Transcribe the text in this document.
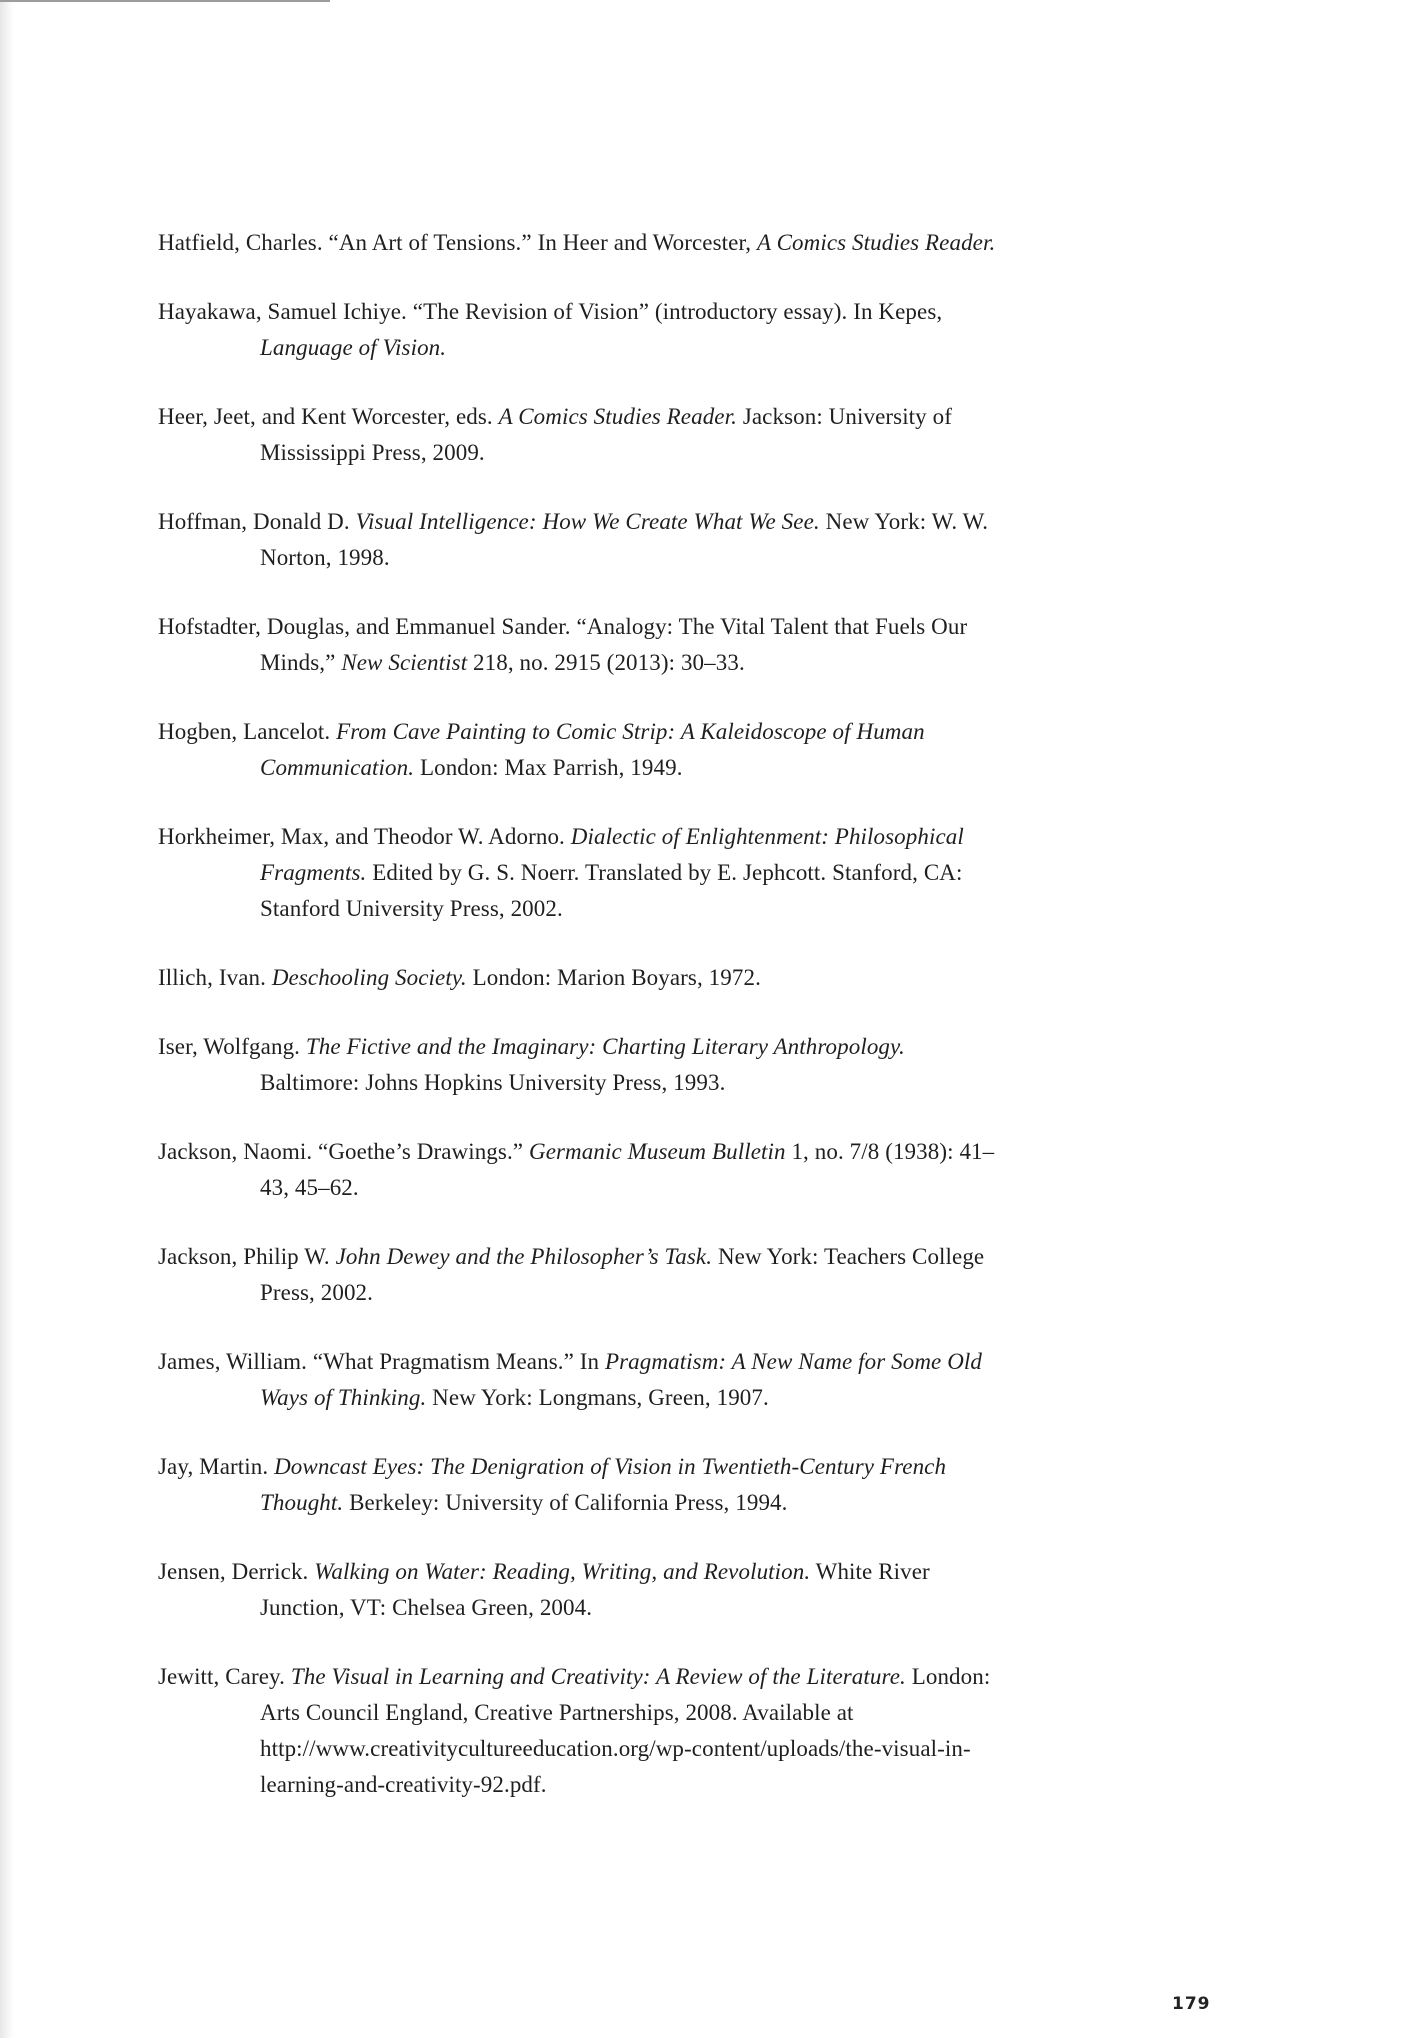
Hatfield, Charles. “An Art of Tensions.” In Heer and Worcester, A Comics Studies Reader.

Hayakawa, Samuel Ichiye. “The Revision of Vision” (introductory essay). In Kepes, Language of Vision.

Heer, Jeet, and Kent Worcester, eds. A Comics Studies Reader. Jackson: University of Mississippi Press, 2009.

Hoffman, Donald D. Visual Intelligence: How We Create What We See. New York: W. W. Norton, 1998.

Hofstadter, Douglas, and Emmanuel Sander. “Analogy: The Vital Talent that Fuels Our Minds,” New Scientist 218, no. 2915 (2013): 30–33.

Hogben, Lancelot. From Cave Painting to Comic Strip: A Kaleidoscope of Human Communication. London: Max Parrish, 1949.

Horkheimer, Max, and Theodor W. Adorno. Dialectic of Enlightenment: Philosophical Fragments. Edited by G. S. Noerr. Translated by E. Jephcott. Stanford, CA: Stanford University Press, 2002.

Illich, Ivan. Deschooling Society. London: Marion Boyars, 1972.

Iser, Wolfgang. The Fictive and the Imaginary: Charting Literary Anthropology. Baltimore: Johns Hopkins University Press, 1993.

Jackson, Naomi. “Goethe’s Drawings.” Germanic Museum Bulletin 1, no. 7/8 (1938): 41–43, 45–62.

Jackson, Philip W. John Dewey and the Philosopher’s Task. New York: Teachers College Press, 2002.

James, William. “What Pragmatism Means.” In Pragmatism: A New Name for Some Old Ways of Thinking. New York: Longmans, Green, 1907.

Jay, Martin. Downcast Eyes: The Denigration of Vision in Twentieth-Century French Thought. Berkeley: University of California Press, 1994.

Jensen, Derrick. Walking on Water: Reading, Writing, and Revolution. White River Junction, VT: Chelsea Green, 2004.

Jewitt, Carey. The Visual in Learning and Creativity: A Review of the Literature. London: Arts Council England, Creative Partnerships, 2008. Available at http://www.creativitycultureeducation.org/wp-content/uploads/the-visual-in-learning-and-creativity-92.pdf.

179
